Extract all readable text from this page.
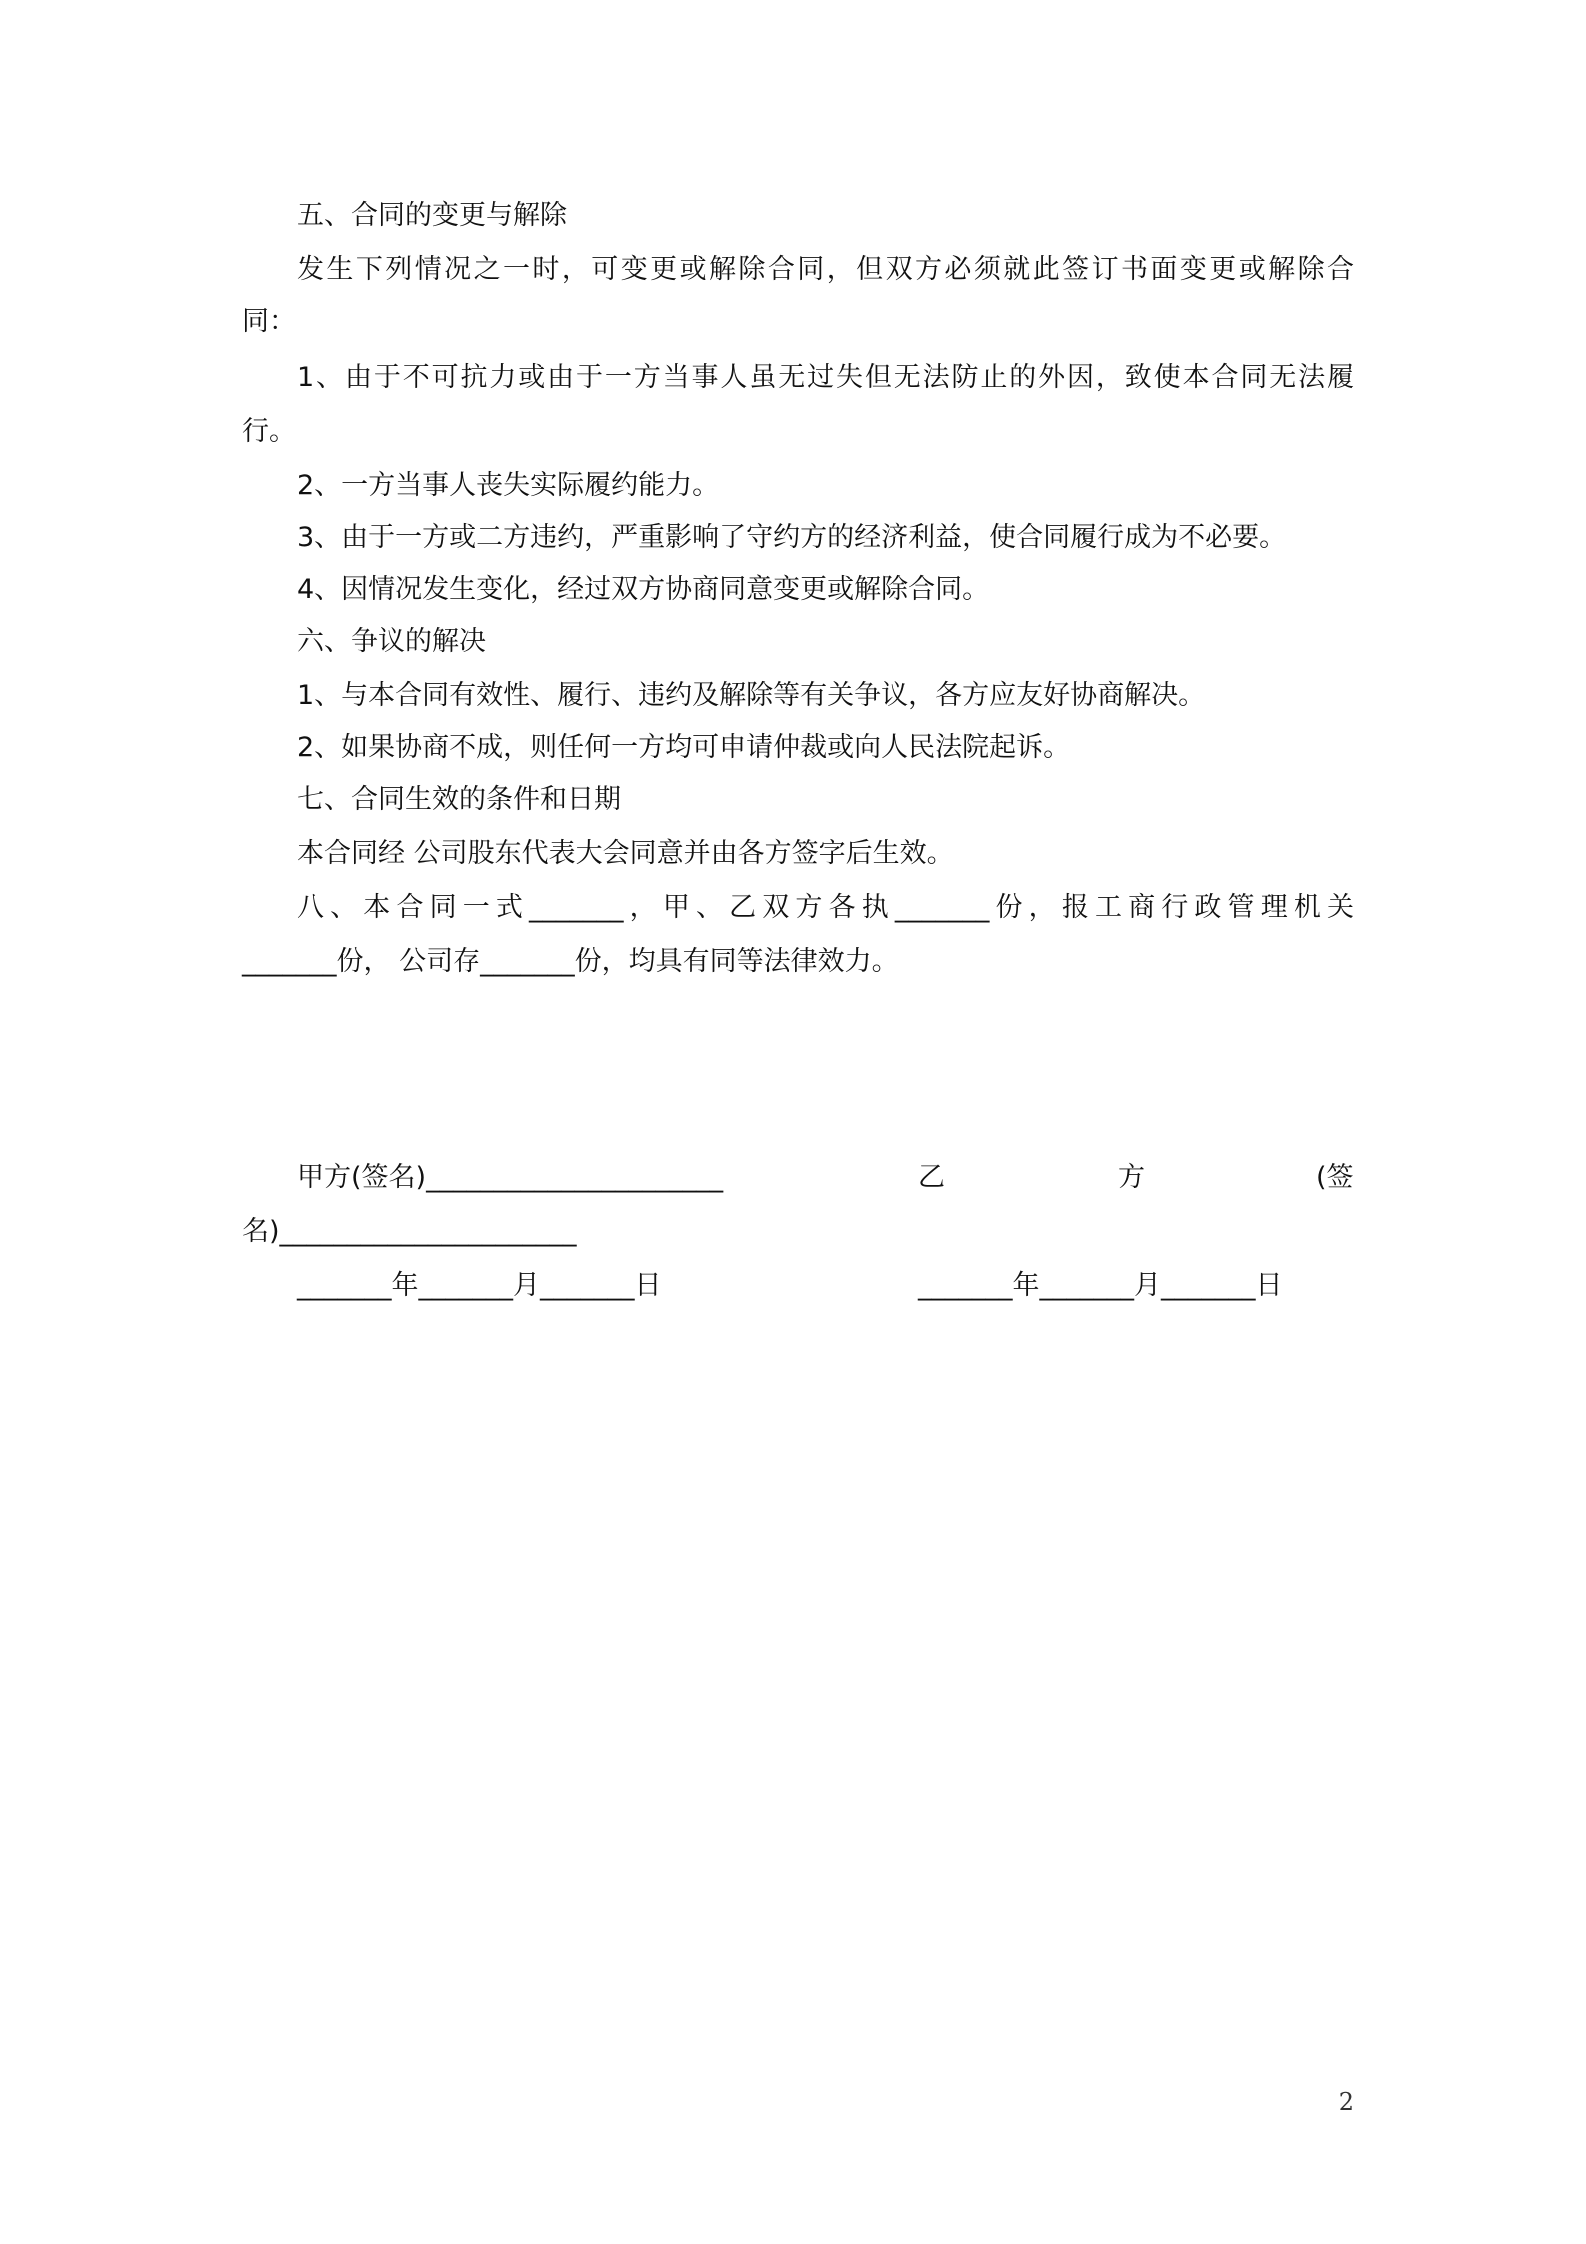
五、合同的变更与解除
发生下列情况之一时，可变更或解除合同，但双方必须就此签订书面变更或解除合
同：
1、由于不可抗力或由于一方当事人虽无过失但无法防止的外因，致使本合同无法履
行。
2、一方当事人丧失实际履约能力。
3、由于一方或二方违约，严重影响了守约方的经济利益，使合同履行成为不必要。
4、因情况发生变化，经过双方协商同意变更或解除合同。
六、争议的解决
1、与本合同有效性、履行、违约及解除等有关争议，各方应友好协商解决。
2、如果协商不成，则任何一方均可申请仲裁或向人民法院起诉。
七、合同生效的条件和日期
本合同经 公司股东代表大会同意并由各方签字后生效。
八、本合同一式_______，甲、乙双方各执_______份，报工商行政管理机关
_______份， 公司存_______份，均具有同等法律效力。
甲方(签名)______________________	乙	方	(签
名)______________________
_______年_______月_______日	_______年_______月_______日
2
